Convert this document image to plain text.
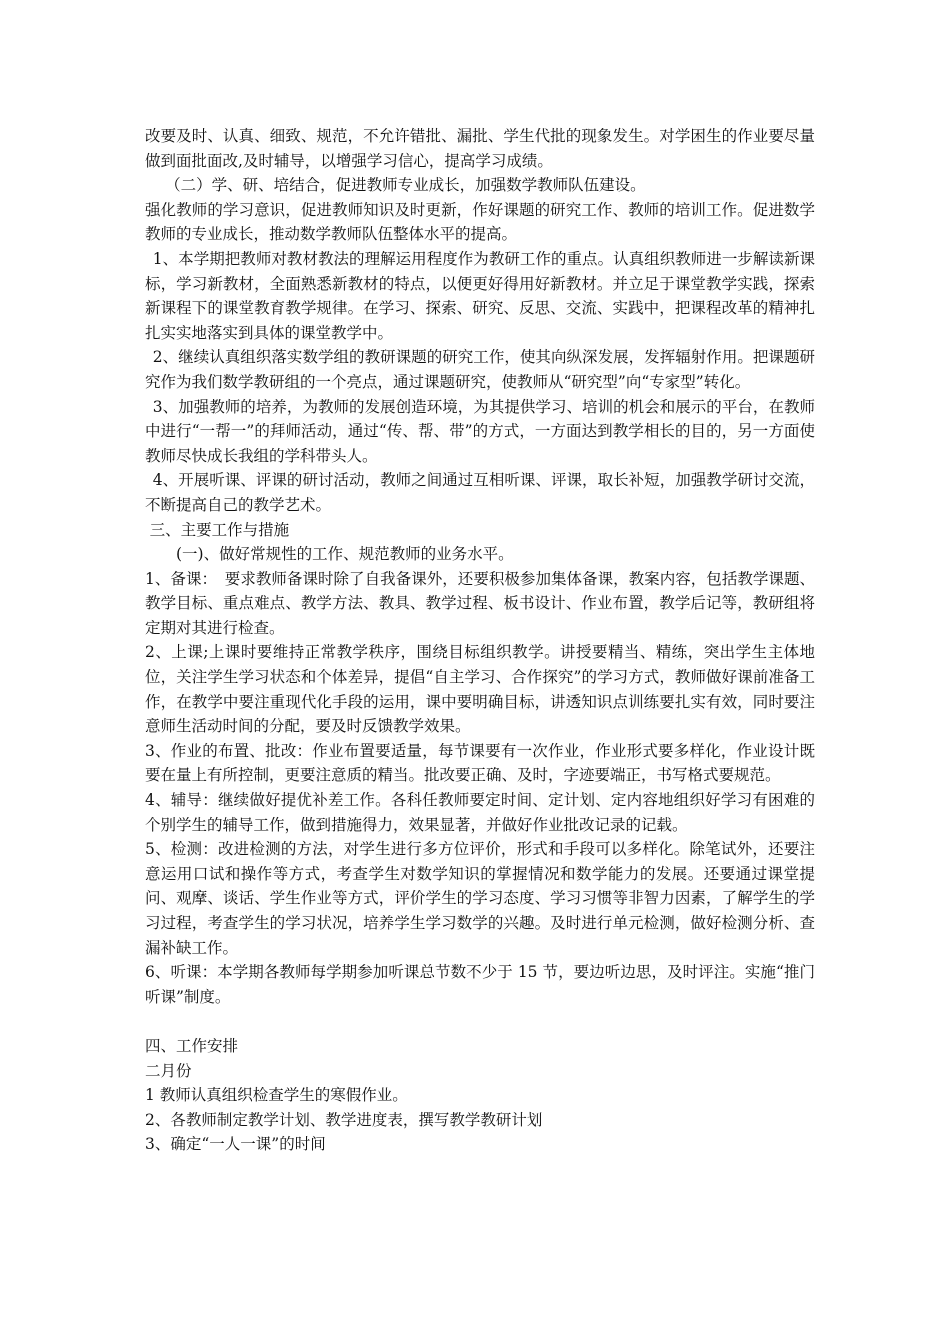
改要及时、认真、细致、规范，不允许错批、漏批、学生代批的现象发生。对学困生的作业要尽量做到面批面改,及时辅导，以增强学习信心，提高学习成绩。

（二）学、研、培结合，促进教师专业成长，加强数学教师队伍建设。

强化教师的学习意识，促进教师知识及时更新，作好课题的研究工作、教师的培训工作。促进数学教师的专业成长，推动数学教师队伍整体水平的提高。

1、本学期把教师对教材教法的理解运用程度作为教研工作的重点。认真组织教师进一步解读新课标，学习新教材，全面熟悉新教材的特点，以便更好得用好新教材。并立足于课堂教学实践，探索新课程下的课堂教育教学规律。在学习、探索、研究、反思、交流、实践中，把课程改革的精神扎扎实实地落实到具体的课堂教学中。

2、继续认真组织落实数学组的教研课题的研究工作，使其向纵深发展，发挥辐射作用。把课题研究作为我们数学教研组的一个亮点，通过课题研究，使教师从“研究型”向“专家型”转化。

3、加强教师的培养，为教师的发展创造环境，为其提供学习、培训的机会和展示的平台，在教师中进行“一帮一”的拜师活动，通过“传、帮、带”的方式，一方面达到教学相长的目的，另一方面使教师尽快成长我组的学科带头人。

4、开展听课、评课的研讨活动，教师之间通过互相听课、评课，取长补短，加强教学研讨交流，不断提高自己的教学艺术。

三、主要工作与措施

(一)、做好常规性的工作、规范教师的业务水平。

1、备课：　要求教师备课时除了自我备课外，还要积极参加集体备课，教案内容，包括教学课题、教学目标、重点难点、教学方法、教具、教学过程、板书设计、作业布置，教学后记等，教研组将定期对其进行检查。

2、上课;上课时要维持正常教学秩序，围绕目标组织教学。讲授要精当、精练，突出学生主体地位，关注学生学习状态和个体差异，提倡“自主学习、合作探究”的学习方式，教师做好课前准备工作，在教学中要注重现代化手段的运用，课中要明确目标，讲透知识点训练要扎实有效，同时要注意师生活动时间的分配，要及时反馈教学效果。

3、作业的布置、批改：作业布置要适量，每节课要有一次作业，作业形式要多样化，作业设计既要在量上有所控制，更要注意质的精当。批改要正确、及时，字迹要端正，书写格式要规范。

4、辅导：继续做好提优补差工作。各科任教师要定时间、定计划、定内容地组织好学习有困难的个别学生的辅导工作，做到措施得力，效果显著，并做好作业批改记录的记载。

5、检测：改进检测的方法，对学生进行多方位评价，形式和手段可以多样化。除笔试外，还要注意运用口试和操作等方式，考查学生对数学知识的掌握情况和数学能力的发展。还要通过课堂提问、观摩、谈话、学生作业等方式，评价学生的学习态度、学习习惯等非智力因素，了解学生的学习过程，考查学生的学习状况，培养学生学习数学的兴趣。及时进行单元检测，做好检测分析、查漏补缺工作。

6、听课：本学期各教师每学期参加听课总节数不少于 15 节，要边听边思，及时评注。实施“推门听课”制度。

四、工作安排

二月份

1 教师认真组织检查学生的寒假作业。

2、各教师制定教学计划、教学进度表，撰写教学教研计划

3、确定“一人一课”的时间
